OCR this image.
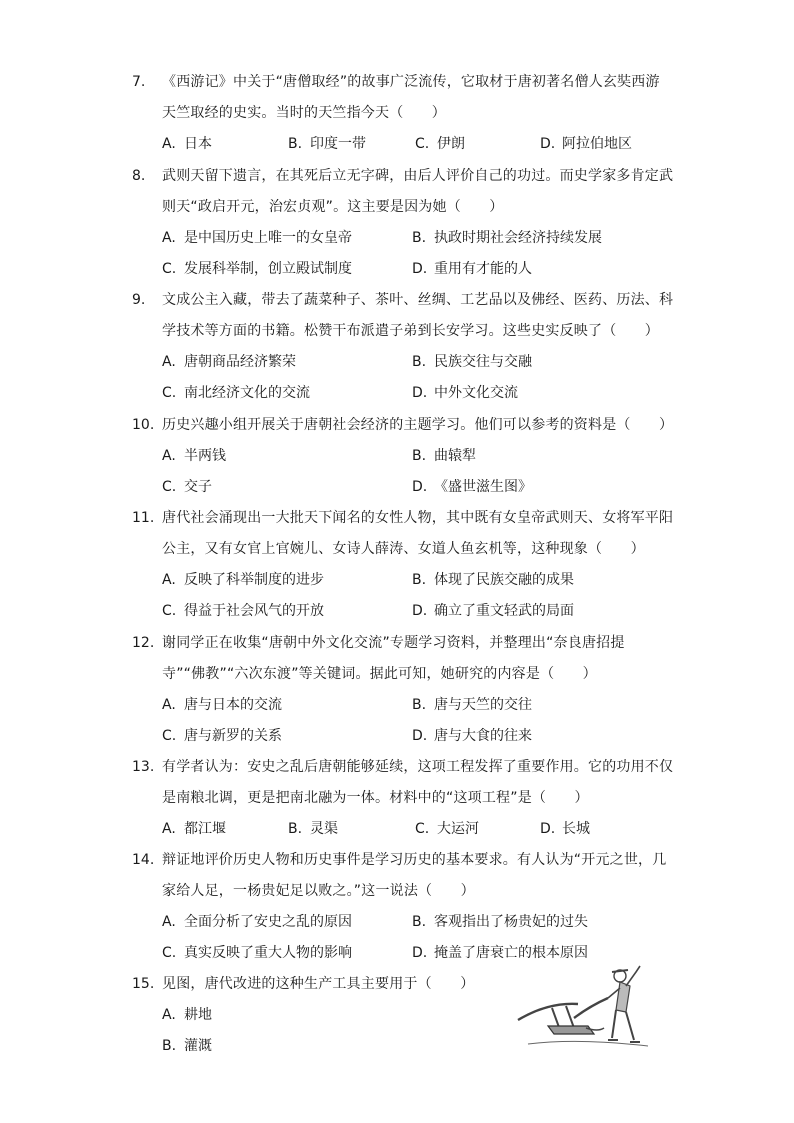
7.	《西游记》中关于“唐僧取经”的故事广泛流传，它取材于唐初著名僧人玄奘西游

天竺取经的史实。当时的天竺指今天（　　）

A. 日本	B. 印度一带	C. 伊朗	D. 阿拉伯地区
8.	武则天留下遗言，在其死后立无字碑，由后人评价自己的功过。而史学家多肯定武

则天“政启开元，治宏贞观”。这主要是因为她（　　）

A. 是中国历史上唯一的女皇帝	B. 执政时期社会经济持续发展
C. 发展科举制，创立殿试制度	D. 重用有才能的人
9.	文成公主入藏，带去了蔬菜种子、茶叶、丝绸、工艺品以及佛经、医药、历法、科

学技术等方面的书籍。松赞干布派遣子弟到长安学习。这些史实反映了（　　）

A. 唐朝商品经济繁荣	B. 民族交往与交融
C. 南北经济文化的交流	D. 中外文化交流
10. 历史兴趣小组开展关于唐朝社会经济的主题学习。他们可以参考的资料是（　　）

A. 半两钱	B. 曲辕犁
C. 交子	D. 《盛世滋生图》
11. 唐代社会涌现出一大批天下闻名的女性人物，其中既有女皇帝武则天、女将军平阳

公主，又有女官上官婉儿、女诗人薛涛、女道人鱼玄机等，这种现象（　　）

A. 反映了科举制度的进步	B. 体现了民族交融的成果
C. 得益于社会风气的开放	D. 确立了重文轻武的局面
12. 谢同学正在收集“唐朝中外文化交流”专题学习资料，并整理出“奈良唐招提

寺”“佛教”“六次东渡”等关键词。据此可知，她研究的内容是（　　）

A. 唐与日本的交流	B. 唐与天竺的交往
C. 唐与新罗的关系	D. 唐与大食的往来
13. 有学者认为：安史之乱后唐朝能够延续，这项工程发挥了重要作用。它的功用不仅

是南粮北调，更是把南北融为一体。材料中的“这项工程”是（　　）

A. 都江堰	B. 灵渠	C. 大运河	D. 长城
14. 辩证地评价历史人物和历史事件是学习历史的基本要求。有人认为“开元之世，几

家给人足，一杨贵妃足以败之。”这一说法（　　）

A. 全面分析了安史之乱的原因	B. 客观指出了杨贵妃的过失
C. 真实反映了重大人物的影响	D. 掩盖了唐衰亡的根本原因
15. 见图，唐代改进的这种生产工具主要用于（　　）

A. 耕地
B. 灌溉
